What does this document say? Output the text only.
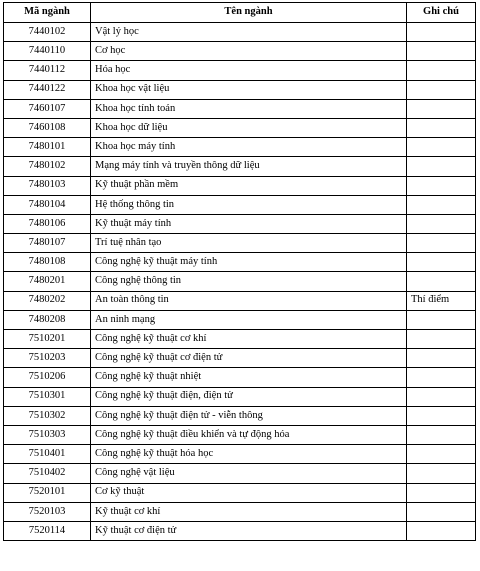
Mã ngành	Tên ngành	Ghi chú
7440102	Vật lý học	
7440110	Cơ học	
7440112	Hóa học	
7440122	Khoa học vật liệu	
7460107	Khoa học tính toán	
7460108	Khoa học dữ liệu	
7480101	Khoa học máy tính	
7480102	Mạng máy tính và truyền thông dữ liệu	
7480103	Kỹ thuật phần mềm	
7480104	Hệ thống thông tin	
7480106	Kỹ thuật máy tính	
7480107	Trí tuệ nhân tạo	
7480108	Công nghệ kỹ thuật máy tính	
7480201	Công nghệ thông tin	
7480202	An toàn thông tin	Thí điểm
7480208	An ninh mạng	
7510201	Công nghệ kỹ thuật cơ khí	
7510203	Công nghệ kỹ thuật cơ điện tử	
7510206	Công nghệ kỹ thuật nhiệt	
7510301	Công nghệ kỹ thuật điện, điện tử	
7510302	Công nghệ kỹ thuật điện tử - viễn thông	
7510303	Công nghệ kỹ thuật điều khiển và tự động hóa	
7510401	Công nghệ kỹ thuật hóa học	
7510402	Công nghệ vật liệu	
7520101	Cơ kỹ thuật	
7520103	Kỹ thuật cơ khí	
7520114	Kỹ thuật cơ điện tử	
